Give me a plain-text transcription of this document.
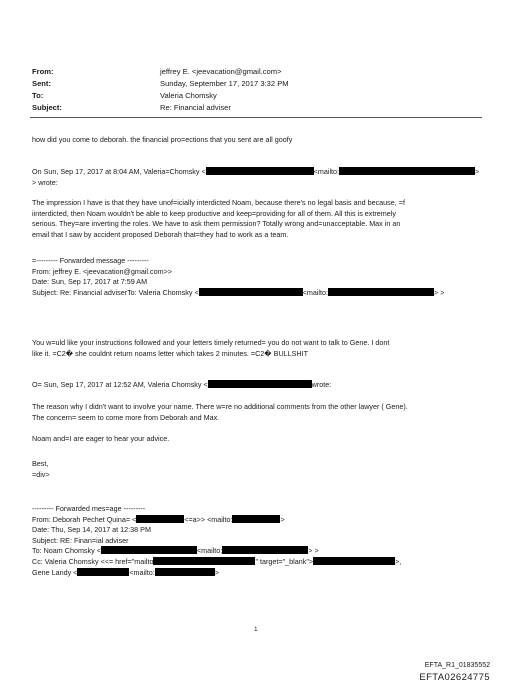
From:	jeffrey E. <jeevacation@gmail.com>
Sent:	Sunday, September 17, 2017 3:32 PM
To:	Valeria Chomsky
Subject:	Re: Financial adviser
how did you come to deborah. the financial pro=ections that you sent are all goofy
On Sun, Sep 17, 2017 at 8:04 AM, Valeria=Chomsky <	<mailto:	>
> wrote:
The impression I have is that they have unof=icially interdicted Noam, because there's no legal basis and because, =f
iinterdicted, then Noam wouldn't be able to keep productive and keep=providing for all of them. All this is extremely
serious. They=are inverting the roles. We have to ask them permission? Totally wrong and=unacceptable. Max in an
email that I saw by accident proposed Deborah that=they had to work as a team.
=--------- Forwarded message ---------
From: jeffrey E. <jeevacation@gmail.com>>
Date: Sun, Sep 17, 2017 at 7:59 AM
Subject: Re: Financial adviserTo: Valeria Chomsky <	<mailto:	> >
You w=uld like your instructions followed and your letters timely returned= you do not want to talk to Gene. I dont
like it. =C2� she couldnt return noams letter which takes 2 minutes. =C2� BULLSHIT
O= Sun, Sep 17, 2017 at 12:52 AM, Valeria Chomsky <	wrote:
The reason why I didn't want to involve your name. There w=re no additional comments from the other lawyer ( Gene).
The concern= seem to come more from Deborah and Max.
Noam and=I are eager to hear your advice.
Best,
=div>
--------- Forwarded mes=age ---------
From: Deborah Pechet Quina= <	<=a>> <mailto:	>
Date: Thu, Sep 14, 2017 at 12:38 PM
Subject: RE: Finan=ial adviser
To: Noam Chomsky <	<mailto:	> >
Cc: Valeria Chomsky <<= href="mailto	" target="_blank">	>,
Gene Landy <	<mailto:	>
1
EFTA_R1_01835552
EFTA02624775
